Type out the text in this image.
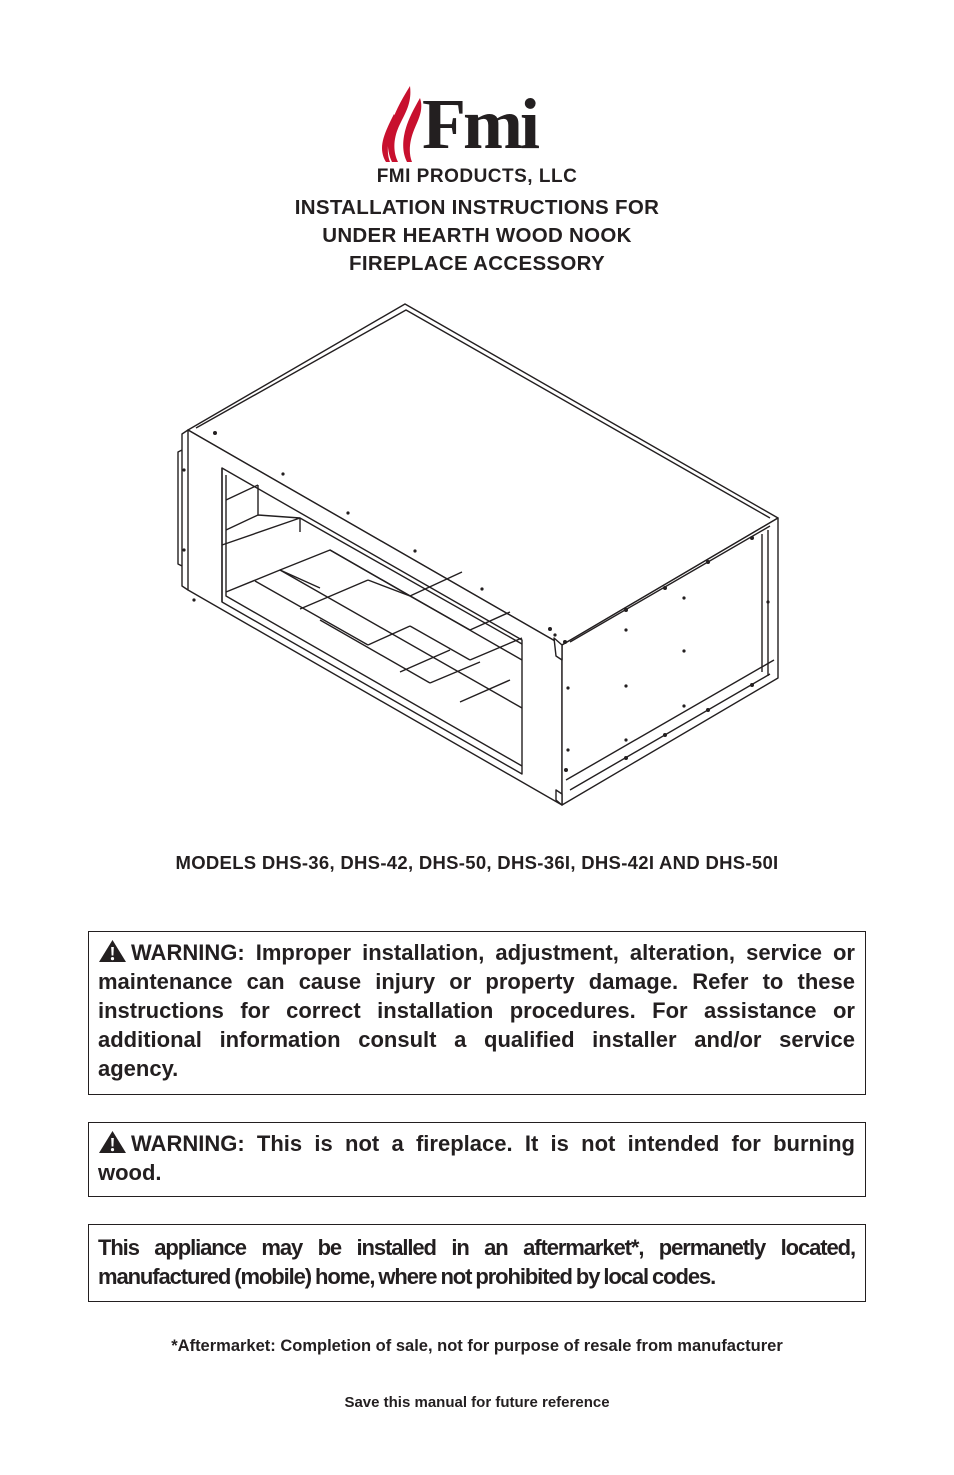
Fmi
FMI PRODUCTS, LLC
INSTALLATION INSTRUCTIONS FOR
UNDER HEARTH WOOD NOOK
FIREPLACE ACCESSORY
MODELS DHS-36, DHS-42, DHS-50, DHS-36I, DHS-42I AND DHS-50I
WARNING: Improper installation, adjustment, alteration, service or maintenance can cause injury or property damage. Refer to these instructions for correct installation procedures. For assistance or additional information consult a qualified installer and/or service agency.
WARNING: This is not a fireplace. It is not intended for burning wood.
This appliance may be installed in an aftermarket*, permanetly located, manufactured (mobile) home, where not prohibited by local codes.
*Aftermarket: Completion of sale, not for purpose of resale from manufacturer
Save this manual for future reference
